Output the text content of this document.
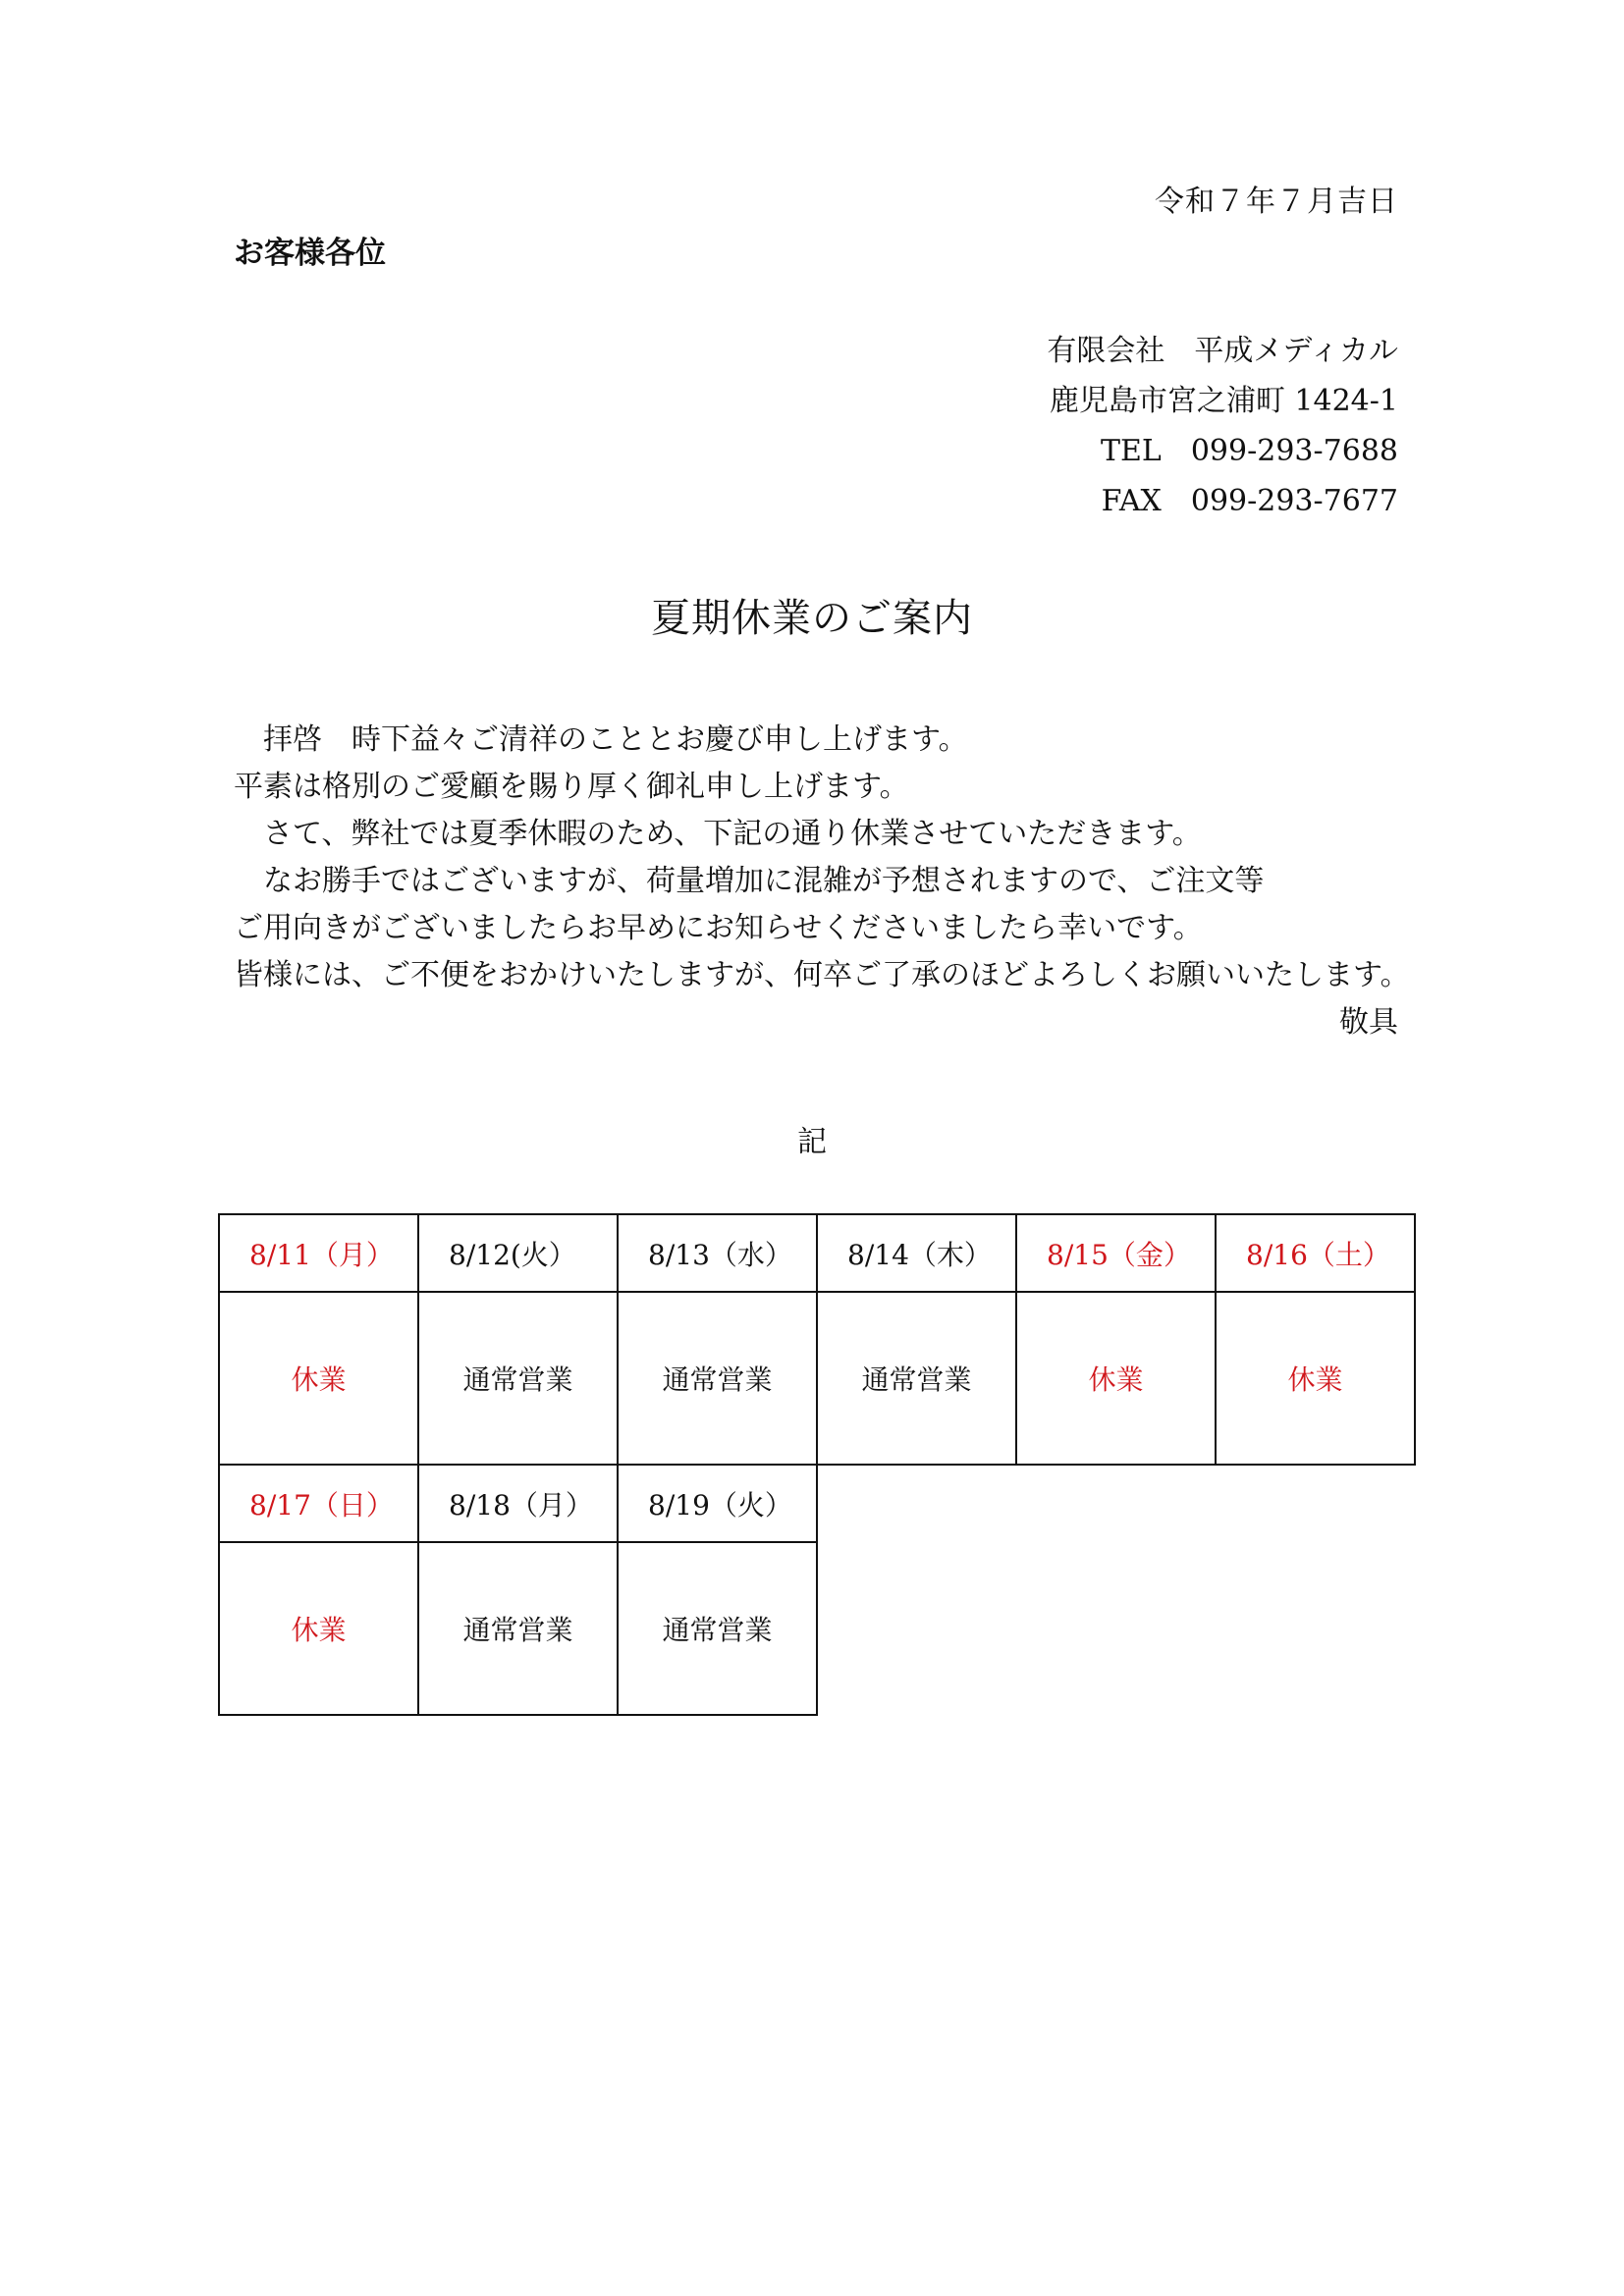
令和７年７月吉日
お客様各位
有限会社　平成メディカル
鹿児島市宮之浦町 1424-1
TEL　099-293-7688
FAX　099-293-7677
夏期休業のご案内

拝啓　時下益々ご清祥のこととお慶び申し上げます。

平素は格別のご愛顧を賜り厚く御礼申し上げます。

さて、弊社では夏季休暇のため、下記の通り休業させていただきます。

なお勝手ではございますが、荷量増加に混雑が予想されますので、ご注文等

ご用向きがございましたらお早めにお知らせくださいましたら幸いです。

皆様には、ご不便をおかけいたしますが、何卒ご了承のほどよろしくお願いいたします。

敬具

記
8/11（月）	8/12(火）	8/13（水）	8/14（木）	8/15（金）	8/16（土）
休業	通常営業	通常営業	通常営業	休業	休業
8/17（日）	8/18（月）	8/19（火）
休業	通常営業	通常営業
